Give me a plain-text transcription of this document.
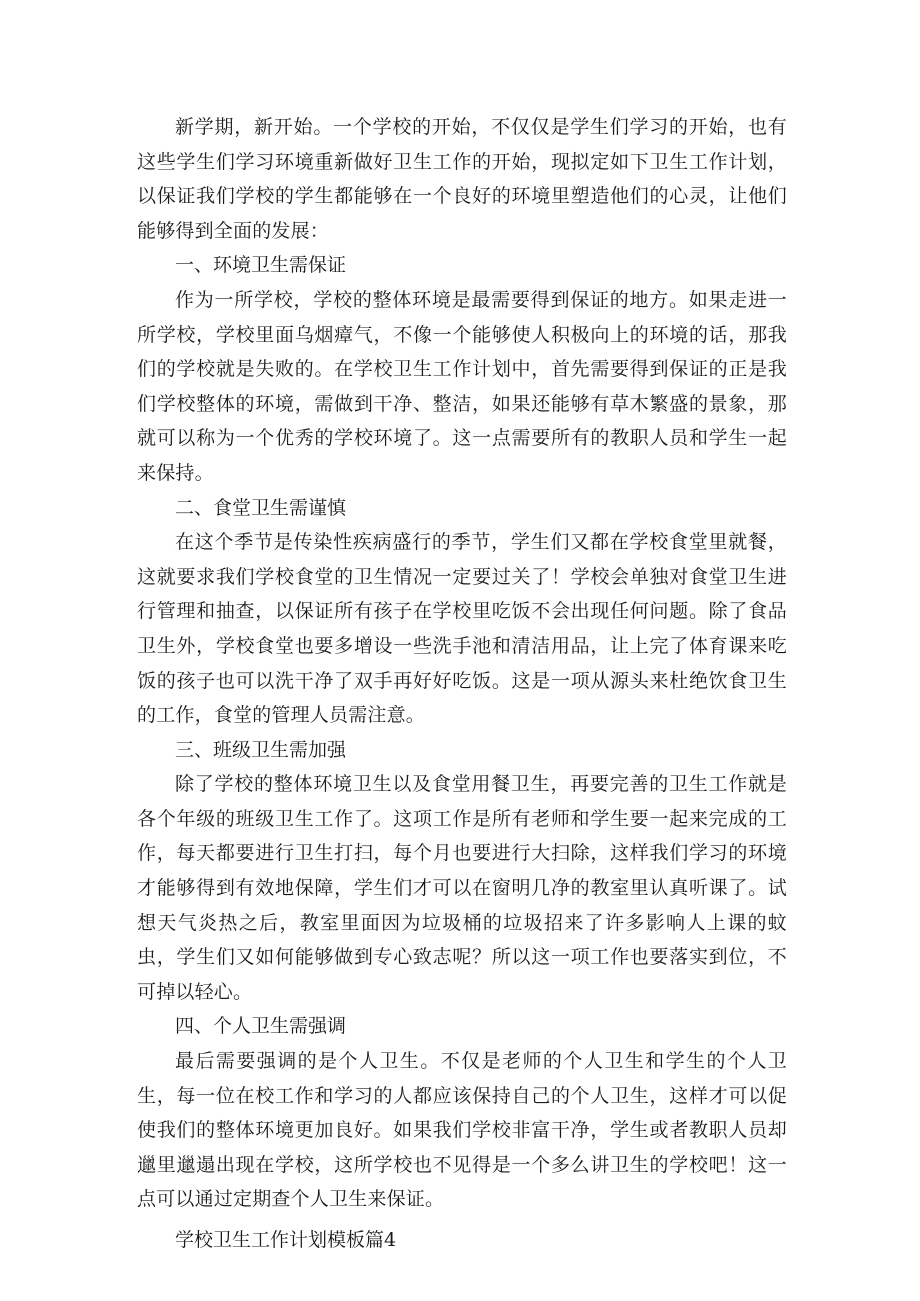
新学期，新开始。一个学校的开始，不仅仅是学生们学习的开始，也有这些学生们学习环境重新做好卫生工作的开始，现拟定如下卫生工作计划，以保证我们学校的学生都能够在一个良好的环境里塑造他们的心灵，让他们能够得到全面的发展：

一、环境卫生需保证

作为一所学校，学校的整体环境是最需要得到保证的地方。如果走进一所学校，学校里面乌烟瘴气，不像一个能够使人积极向上的环境的话，那我们的学校就是失败的。在学校卫生工作计划中，首先需要得到保证的正是我们学校整体的环境，需做到干净、整洁，如果还能够有草木繁盛的景象，那就可以称为一个优秀的学校环境了。这一点需要所有的教职人员和学生一起来保持。

二、食堂卫生需谨慎

在这个季节是传染性疾病盛行的季节，学生们又都在学校食堂里就餐，这就要求我们学校食堂的卫生情况一定要过关了！学校会单独对食堂卫生进行管理和抽查，以保证所有孩子在学校里吃饭不会出现任何问题。除了食品卫生外，学校食堂也要多增设一些洗手池和清洁用品，让上完了体育课来吃饭的孩子也可以洗干净了双手再好好吃饭。这是一项从源头来杜绝饮食卫生的工作，食堂的管理人员需注意。

三、班级卫生需加强

除了学校的整体环境卫生以及食堂用餐卫生，再要完善的卫生工作就是各个年级的班级卫生工作了。这项工作是所有老师和学生要一起来完成的工作，每天都要进行卫生打扫，每个月也要进行大扫除，这样我们学习的环境才能够得到有效地保障，学生们才可以在窗明几净的教室里认真听课了。试想天气炎热之后，教室里面因为垃圾桶的垃圾招来了许多影响人上课的蚊虫，学生们又如何能够做到专心致志呢？所以这一项工作也要落实到位，不可掉以轻心。

四、个人卫生需强调

最后需要强调的是个人卫生。不仅是老师的个人卫生和学生的个人卫生，每一位在校工作和学习的人都应该保持自己的个人卫生，这样才可以促使我们的整体环境更加良好。如果我们学校非富干净，学生或者教职人员却邋里邋遢出现在学校，这所学校也不见得是一个多么讲卫生的学校吧！这一点可以通过定期查个人卫生来保证。

学校卫生工作计划模板篇4
